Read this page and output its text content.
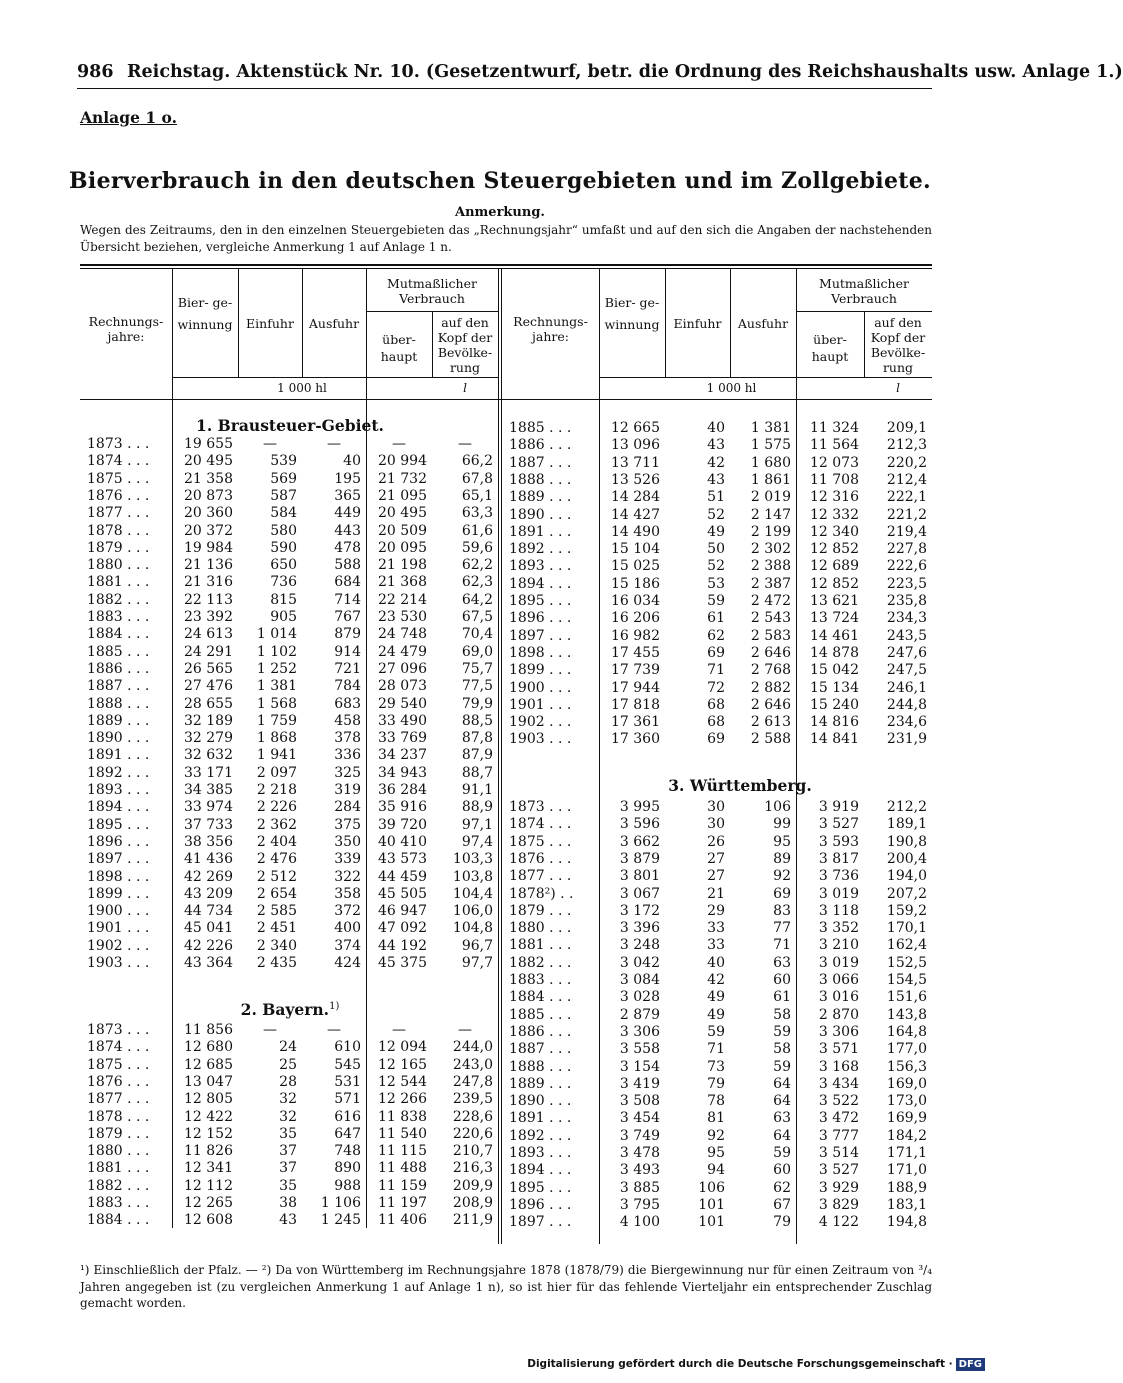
986 Reichstag. Aktenstück Nr. 10. (Gesetzentwurf, betr. die Ordnung des Reichshaushalts usw. Anlage 1.)
Anlage 1 o.
Bierverbrauch in den deutschen Steuergebieten und im Zollgebiete.
Anmerkung.
Wegen des Zeitraums, den in den einzelnen Steuergebieten das „Rechnungsjahr“ umfaßt und auf den sich die Angaben der nachstehenden Übersicht beziehen, vergleiche Anmerkung 1 auf Anlage 1 n.
Rechnungs- jahre:
Bier- ge- winnung	Einfuhr	Ausfuhr
Mutmaßlicher Verbrauch
über- haupt
auf den Kopf der Bevölke- rung
1 000 hl	l
Rechnungs- jahre:
Bier- ge- winnung	Einfuhr	Ausfuhr
Mutmaßlicher Verbrauch
über- haupt
auf den Kopf der Bevölke- rung
1 000 hl	l
1. Brausteuer-Gebiet.
2. Bayern.$^{1)}$
3. Württemberg.
1873 . . .	19 655	—	—	—	—
1874 . . .	20 495	539	40	20 994	66,2
1875 . . .	21 358	569	195	21 732	67,8
1876 . . .	20 873	587	365	21 095	65,1
1877 . . .	20 360	584	449	20 495	63,3
1878 . . .	20 372	580	443	20 509	61,6
1879 . . .	19 984	590	478	20 095	59,6
1880 . . .	21 136	650	588	21 198	62,2
1881 . . .	21 316	736	684	21 368	62,3
1882 . . .	22 113	815	714	22 214	64,2
1883 . . .	23 392	905	767	23 530	67,5
1884 . . .	24 613	1 014	879	24 748	70,4
1885 . . .	24 291	1 102	914	24 479	69,0
1886 . . .	26 565	1 252	721	27 096	75,7
1887 . . .	27 476	1 381	784	28 073	77,5
1888 . . .	28 655	1 568	683	29 540	79,9
1889 . . .	32 189	1 759	458	33 490	88,5
1890 . . .	32 279	1 868	378	33 769	87,8
1891 . . .	32 632	1 941	336	34 237	87,9
1892 . . .	33 171	2 097	325	34 943	88,7
1893 . . .	34 385	2 218	319	36 284	91,1
1894 . . .	33 974	2 226	284	35 916	88,9
1895 . . .	37 733	2 362	375	39 720	97,1
1896 . . .	38 356	2 404	350	40 410	97,4
1897 . . .	41 436	2 476	339	43 573	103,3
1898 . . .	42 269	2 512	322	44 459	103,8
1899 . . .	43 209	2 654	358	45 505	104,4
1900 . . .	44 734	2 585	372	46 947	106,0
1901 . . .	45 041	2 451	400	47 092	104,8
1902 . . .	42 226	2 340	374	44 192	96,7
1903 . . .	43 364	2 435	424	45 375	97,7
1873 . . .	11 856	—	—	—	—
1874 . . .	12 680	24	610	12 094	244,0
1875 . . .	12 685	25	545	12 165	243,0
1876 . . .	13 047	28	531	12 544	247,8
1877 . . .	12 805	32	571	12 266	239,5
1878 . . .	12 422	32	616	11 838	228,6
1879 . . .	12 152	35	647	11 540	220,6
1880 . . .	11 826	37	748	11 115	210,7
1881 . . .	12 341	37	890	11 488	216,3
1882 . . .	12 112	35	988	11 159	209,9
1883 . . .	12 265	38	1 106	11 197	208,9
1884 . . .	12 608	43	1 245	11 406	211,9
1885 . . .	12 665	40	1 381	11 324	209,1
1886 . . .	13 096	43	1 575	11 564	212,3
1887 . . .	13 711	42	1 680	12 073	220,2
1888 . . .	13 526	43	1 861	11 708	212,4
1889 . . .	14 284	51	2 019	12 316	222,1
1890 . . .	14 427	52	2 147	12 332	221,2
1891 . . .	14 490	49	2 199	12 340	219,4
1892 . . .	15 104	50	2 302	12 852	227,8
1893 . . .	15 025	52	2 388	12 689	222,6
1894 . . .	15 186	53	2 387	12 852	223,5
1895 . . .	16 034	59	2 472	13 621	235,8
1896 . . .	16 206	61	2 543	13 724	234,3
1897 . . .	16 982	62	2 583	14 461	243,5
1898 . . .	17 455	69	2 646	14 878	247,6
1899 . . .	17 739	71	2 768	15 042	247,5
1900 . . .	17 944	72	2 882	15 134	246,1
1901 . . .	17 818	68	2 646	15 240	244,8
1902 . . .	17 361	68	2 613	14 816	234,6
1903 . . .	17 360	69	2 588	14 841	231,9
1873 . . .	3 995	30	106	3 919	212,2
1874 . . .	3 596	30	99	3 527	189,1
1875 . . .	3 662	26	95	3 593	190,8
1876 . . .	3 879	27	89	3 817	200,4
1877 . . .	3 801	27	92	3 736	194,0
1878²) . .	3 067	21	69	3 019	207,2
1879 . . .	3 172	29	83	3 118	159,2
1880 . . .	3 396	33	77	3 352	170,1
1881 . . .	3 248	33	71	3 210	162,4
1882 . . .	3 042	40	63	3 019	152,5
1883 . . .	3 084	42	60	3 066	154,5
1884 . . .	3 028	49	61	3 016	151,6
1885 . . .	2 879	49	58	2 870	143,8
1886 . . .	3 306	59	59	3 306	164,8
1887 . . .	3 558	71	58	3 571	177,0
1888 . . .	3 154	73	59	3 168	156,3
1889 . . .	3 419	79	64	3 434	169,0
1890 . . .	3 508	78	64	3 522	173,0
1891 . . .	3 454	81	63	3 472	169,9
1892 . . .	3 749	92	64	3 777	184,2
1893 . . .	3 478	95	59	3 514	171,1
1894 . . .	3 493	94	60	3 527	171,0
1895 . . .	3 885	106	62	3 929	188,9
1896 . . .	3 795	101	67	3 829	183,1
1897 . . .	4 100	101	79	4 122	194,8
¹) Einschließlich der Pfalz. — ²) Da von Württemberg im Rechnungsjahre 1878 (1878/79) die Biergewinnung nur für einen Zeitraum von ³/₄ Jahren angegeben ist (zu vergleichen Anmerkung 1 auf Anlage 1 n), so ist hier für das fehlende Vierteljahr ein entsprechender Zuschlag gemacht worden.
Digitalisierung gefördert durch die Deutsche Forschungsgemeinschaft · DFG
